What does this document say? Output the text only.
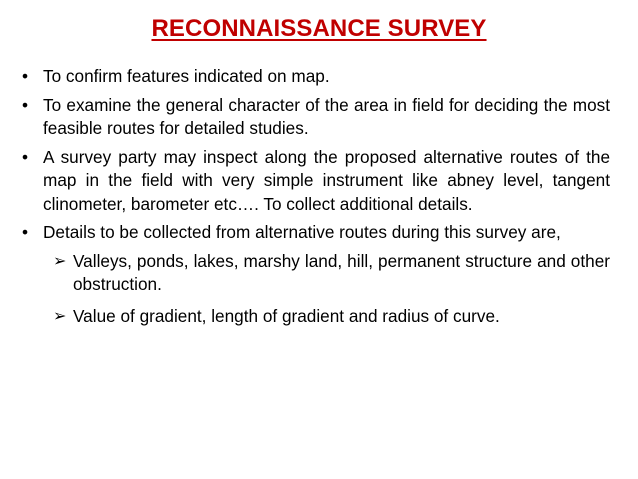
RECONNAISSANCE SURVEY
• To confirm features indicated on map.
• To examine the general character of the area in field for deciding the most feasible routes for detailed studies.
• A survey party may inspect along the proposed alternative routes of the map in the field with very simple instrument like abney level, tangent clinometer, barometer etc…. To collect additional details.
• Details to be collected from alternative routes during this survey are,
➢ Valleys, ponds, lakes, marshy land, hill, permanent structure and other obstruction.
➢ Value of gradient, length of gradient and radius of curve.
